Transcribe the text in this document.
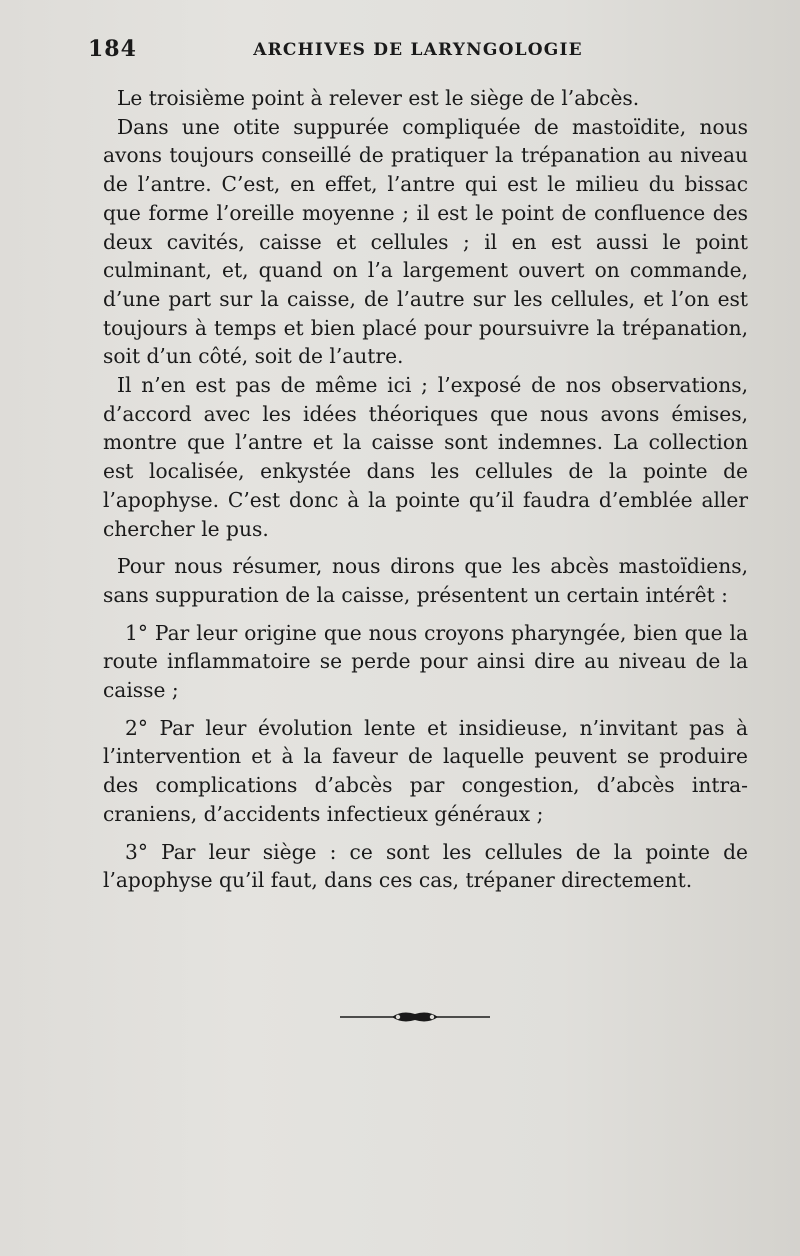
184	ARCHIVES DE LARYNGOLOGIE

Le troisième point à relever est le siège de l’abcès.

Dans une otite suppurée compliquée de mastoïdite, nous avons toujours conseillé de pratiquer la trépanation au niveau de l’antre. C’est, en effet, l’antre qui est le milieu du bissac que forme l’oreille moyenne ; il est le point de confluence des deux cavités, caisse et cellules ; il en est aussi le point culminant, et, quand on l’a largement ouvert on commande, d’une part sur la caisse, de l’autre sur les cellules, et l’on est toujours à temps et bien placé pour poursuivre la trépanation, soit d’un côté, soit de l’autre.

Il n’en est pas de même ici ; l’exposé de nos observations, d’accord avec les idées théoriques que nous avons émises, montre que l’antre et la caisse sont indemnes. La collection est localisée, enkystée dans les cellules de la pointe de l’apophyse. C’est donc à la pointe qu’il faudra d’emblée aller chercher le pus.

Pour nous résumer, nous dirons que les abcès mastoïdiens, sans suppuration de la caisse, présentent un certain intérêt :

1° Par leur origine que nous croyons pharyngée, bien que la route inflammatoire se perde pour ainsi dire au niveau de la caisse ;

2° Par leur évolution lente et insidieuse, n’invitant pas à l’intervention et à la faveur de laquelle peuvent se produire des complications d’abcès par congestion, d’abcès intra-craniens, d’accidents infectieux généraux ;

3° Par leur siège : ce sont les cellules de la pointe de l’apophyse qu’il faut, dans ces cas, trépaner directement.
